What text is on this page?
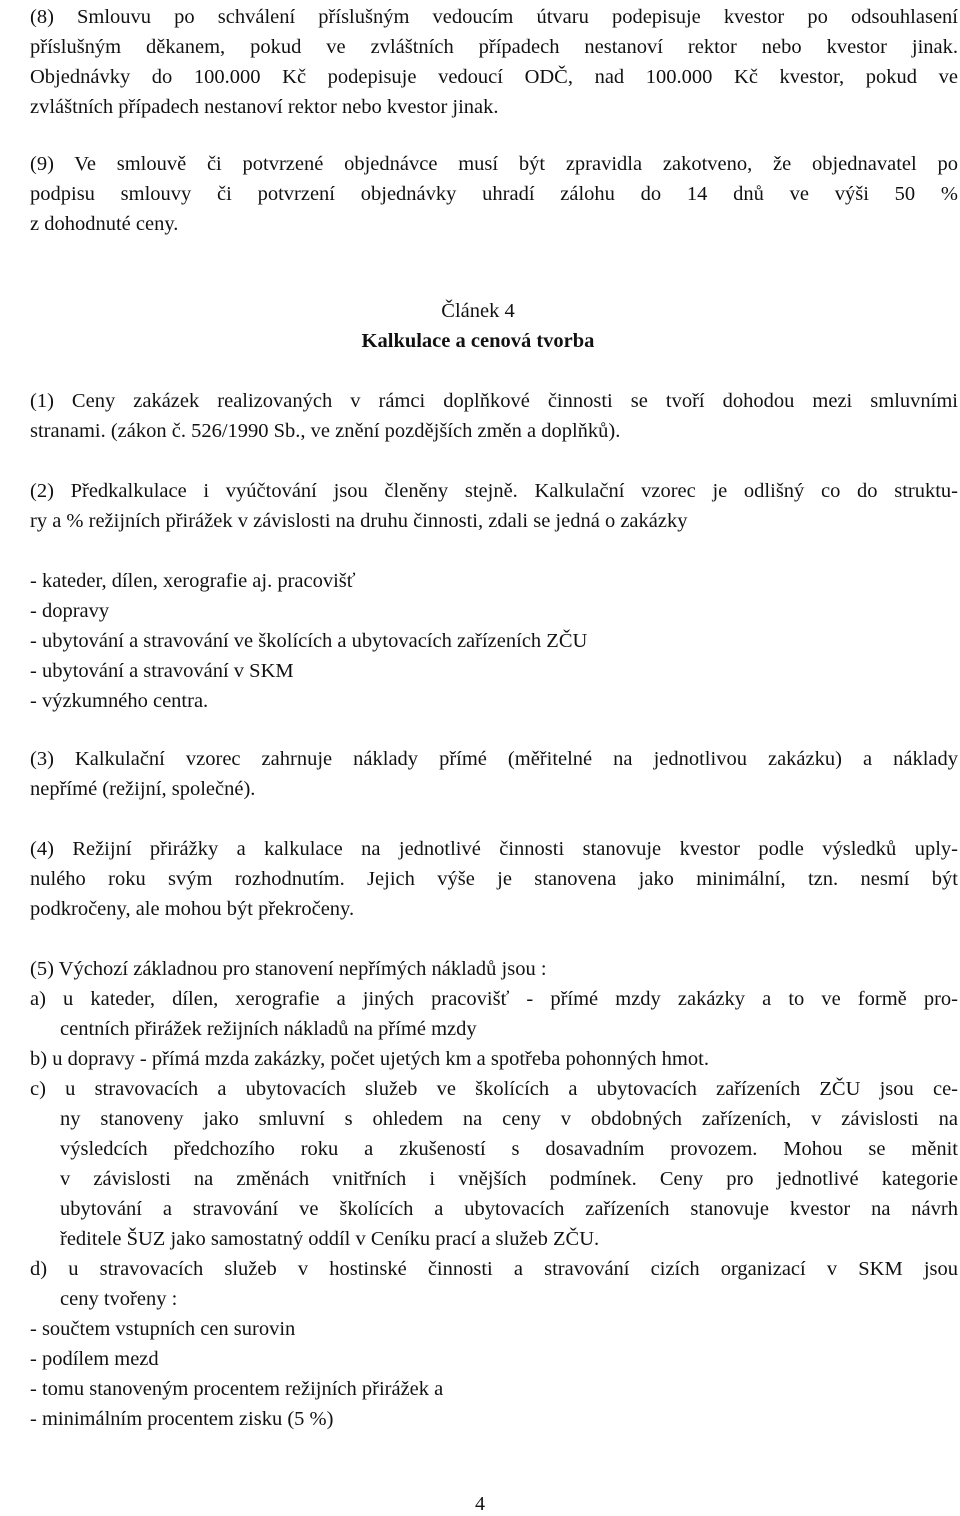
(8) Smlouvu po schválení příslušným vedoucím útvaru podepisuje kvestor po odsouhlasení
příslušným děkanem, pokud ve zvláštních případech nestanoví rektor nebo kvestor jinak.
Objednávky do 100.000 Kč podepisuje vedoucí ODČ, nad 100.000 Kč kvestor, pokud ve
zvláštních případech nestanoví rektor nebo kvestor jinak.
(9) Ve smlouvě či potvrzené objednávce musí být zpravidla zakotveno, že objednavatel po
podpisu smlouvy či potvrzení objednávky uhradí zálohu do 14 dnů ve výši 50 %
z dohodnuté ceny.
Článek 4
Kalkulace a cenová tvorba
(1) Ceny zakázek realizovaných v rámci doplňkové činnosti se tvoří dohodou mezi smluvními
stranami. (zákon č. 526/1990 Sb., ve znění pozdějších změn a doplňků).
(2) Předkalkulace i vyúčtování jsou členěny stejně. Kalkulační vzorec je odlišný co do struktu-
ry a % režijních přirážek v závislosti na druhu činnosti, zdali se jedná o zakázky
- kateder, dílen, xerografie aj. pracovišť
- dopravy
- ubytování a stravování ve školících a ubytovacích zařízeních ZČU
- ubytování a stravování v SKM
- výzkumného centra.
(3) Kalkulační vzorec zahrnuje náklady přímé (měřitelné na jednotlivou zakázku) a náklady
nepřímé (režijní, společné).
(4) Režijní přirážky a kalkulace na jednotlivé činnosti stanovuje kvestor podle výsledků uply-
nulého roku svým rozhodnutím. Jejich výše je stanovena jako minimální, tzn. nesmí být
podkročeny, ale mohou být překročeny.
(5) Výchozí základnou pro stanovení nepřímých nákladů jsou :
a) u kateder, dílen, xerografie a jiných pracovišť - přímé mzdy zakázky a to ve formě pro-
centních přirážek režijních nákladů na přímé mzdy
b) u dopravy - přímá mzda zakázky, počet ujetých km a spotřeba pohonných hmot.
c) u stravovacích a ubytovacích služeb ve školících a ubytovacích zařízeních ZČU jsou ce-
ny stanoveny jako smluvní s ohledem na ceny v obdobných zařízeních, v závislosti na
výsledcích předchozího roku a zkušeností s dosavadním provozem. Mohou se měnit
v závislosti na změnách vnitřních i vnějších podmínek. Ceny pro jednotlivé kategorie
ubytování a stravování ve školících a ubytovacích zařízeních stanovuje kvestor na návrh
ředitele ŠUZ jako samostatný oddíl v Ceníku prací a služeb ZČU.
d) u stravovacích služeb v hostinské činnosti a stravování cizích organizací v SKM jsou
ceny tvořeny :
- součtem vstupních cen surovin
- podílem mezd
- tomu stanoveným procentem režijních přirážek a
- minimálním procentem zisku (5 %)
4
